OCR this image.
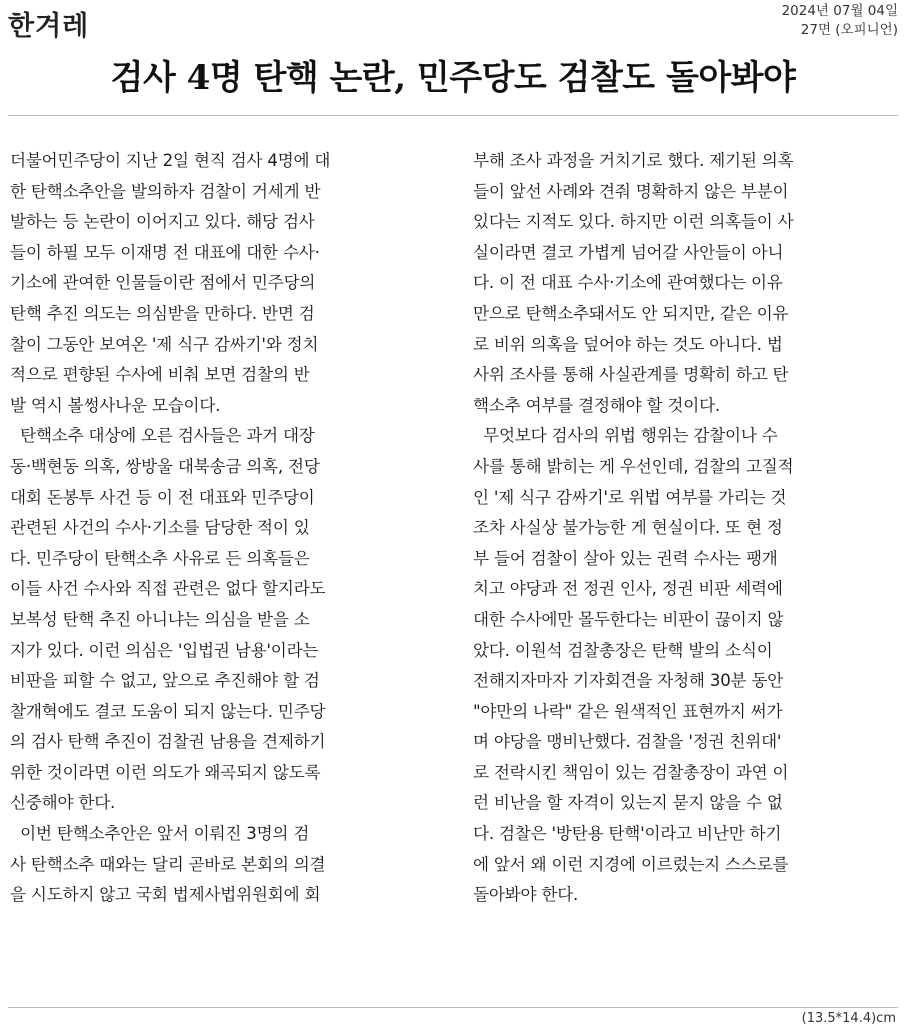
한겨레	2024년 07월 04일
27면 (오피니언)
검사 4명 탄핵 논란, 민주당도 검찰도 돌아봐야
더불어민주당이 지난 2일 현직 검사 4명에 대
한 탄핵소추안을 발의하자 검찰이 거세게 반
발하는 등 논란이 이어지고 있다. 해당 검사
들이 하필 모두 이재명 전 대표에 대한 수사·
기소에 관여한 인물들이란 점에서 민주당의
탄핵 추진 의도는 의심받을 만하다. 반면 검
찰이 그동안 보여온 '제 식구 감싸기'와 정치
적으로 편향된 수사에 비춰 보면 검찰의 반
발 역시 볼썽사나운 모습이다.
탄핵소추 대상에 오른 검사들은 과거 대장
동·백현동 의혹, 쌍방울 대북송금 의혹, 전당
대회 돈봉투 사건 등 이 전 대표와 민주당이
관련된 사건의 수사·기소를 담당한 적이 있
다. 민주당이 탄핵소추 사유로 든 의혹들은
이들 사건 수사와 직접 관련은 없다 할지라도
보복성 탄핵 추진 아니냐는 의심을 받을 소
지가 있다. 이런 의심은 '입법권 남용'이라는
비판을 피할 수 없고, 앞으로 추진해야 할 검
찰개혁에도 결코 도움이 되지 않는다. 민주당
의 검사 탄핵 추진이 검찰권 남용을 견제하기
위한 것이라면 이런 의도가 왜곡되지 않도록
신중해야 한다.
이번 탄핵소추안은 앞서 이뤄진 3명의 검
사 탄핵소추 때와는 달리 곧바로 본회의 의결
을 시도하지 않고 국회 법제사법위원회에 회
부해 조사 과정을 거치기로 했다. 제기된 의혹
들이 앞선 사례와 견줘 명확하지 않은 부분이
있다는 지적도 있다. 하지만 이런 의혹들이 사
실이라면 결코 가볍게 넘어갈 사안들이 아니
다. 이 전 대표 수사·기소에 관여했다는 이유
만으로 탄핵소추돼서도 안 되지만, 같은 이유
로 비위 의혹을 덮어야 하는 것도 아니다. 법
사위 조사를 통해 사실관계를 명확히 하고 탄
핵소추 여부를 결정해야 할 것이다.
무엇보다 검사의 위법 행위는 감찰이나 수
사를 통해 밝히는 게 우선인데, 검찰의 고질적
인 '제 식구 감싸기'로 위법 여부를 가리는 것
조차 사실상 불가능한 게 현실이다. 또 현 정
부 들어 검찰이 살아 있는 권력 수사는 팽개
치고 야당과 전 정권 인사, 정권 비판 세력에
대한 수사에만 몰두한다는 비판이 끊이지 않
았다. 이원석 검찰총장은 탄핵 발의 소식이
전해지자마자 기자회견을 자청해 30분 동안
"야만의 나락" 같은 원색적인 표현까지 써가
며 야당을 맹비난했다. 검찰을 '정권 친위대'
로 전락시킨 책임이 있는 검찰총장이 과연 이
런 비난을 할 자격이 있는지 묻지 않을 수 없
다. 검찰은 '방탄용 탄핵'이라고 비난만 하기
에 앞서 왜 이런 지경에 이르렀는지 스스로를
돌아봐야 한다.
(13.5*14.4)cm
